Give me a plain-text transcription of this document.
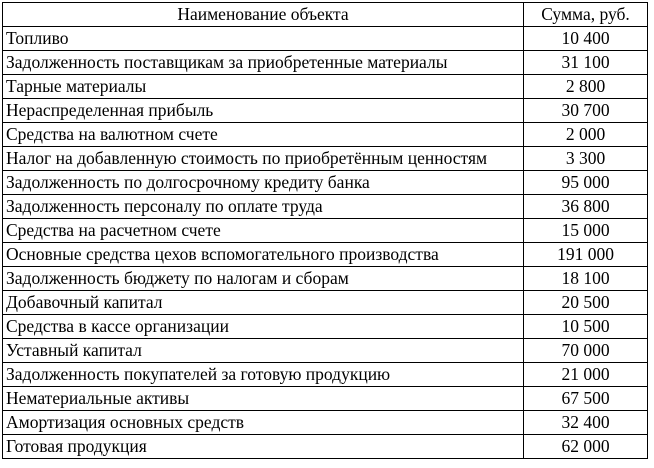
Наименование объекта	Сумма, руб.
Топливо	10 400
Задолженность поставщикам за приобретенные материалы	31 100
Тарные материалы	2 800
Нераспределенная прибыль	30 700
Средства на валютном счете	2 000
Налог на добавленную стоимость по приобретённым ценностям	3 300
Задолженность по долгосрочному кредиту банка	95 000
Задолженность персоналу по оплате труда	36 800
Средства на расчетном счете	15 000
Основные средства цехов вспомогательного производства	191 000
Задолженность бюджету по налогам и сборам	18 100
Добавочный капитал	20 500
Средства в кассе организации	10 500
Уставный капитал	70 000
Задолженность покупателей за готовую продукцию	21 000
Нематериальные активы	67 500
Амортизация основных средств	32 400
Готовая продукция	62 000
